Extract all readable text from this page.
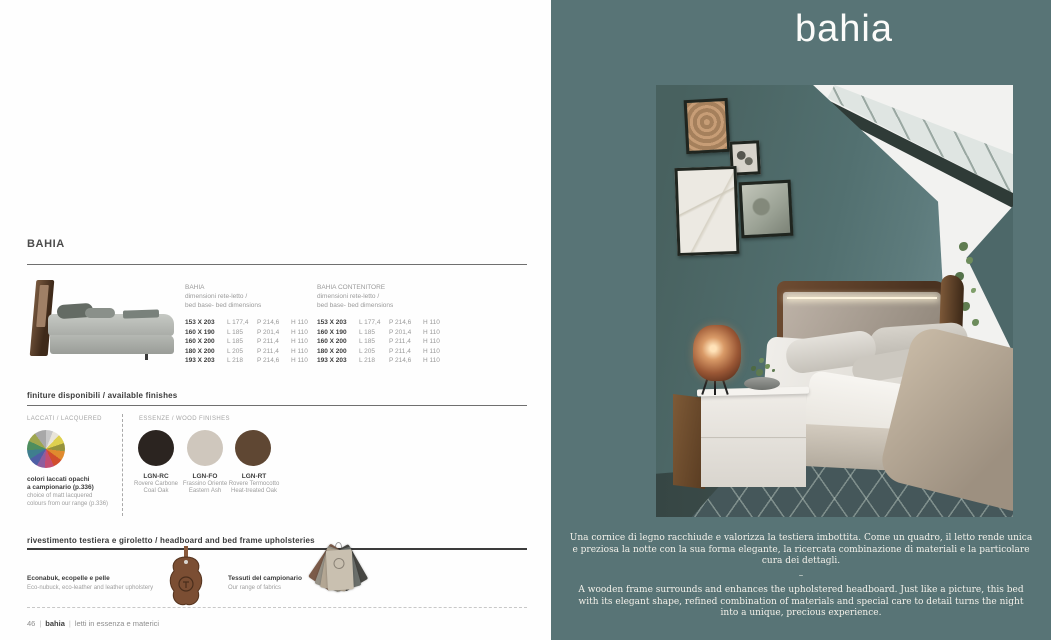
BAHIA
BAHIA
dimensioni rete-letto /
bed base- bed dimensions
153 X 203	L 177,4	P 214,6	H 110
160 X 190	L 185	P 201,4	H 110
160 X 200	L 185	P 211,4	H 110
180 X 200	L 205	P 211,4	H 110
193 X 203	L 218	P 214,6	H 110
BAHIA CONTENITORE
dimensioni rete-letto /
bed base- bed dimensions
153 X 203	L 177,4	P 214,6	H 110
160 X 190	L 185	P 201,4	H 110
160 X 200	L 185	P 211,4	H 110
180 X 200	L 205	P 211,4	H 110
193 X 203	L 218	P 214,6	H 110
finiture disponibili / available finishes
LACCATI / LACQUERED	ESSENZE / WOOD FINISHES
colori laccati opachi
a campionario (p.336)
choice of matt lacquered
colours from our range (p.336)
LGN-RC
Rovere Carbone
Coal Oak
LGN-FO
Frassino Oriente
Eastern Ash
LGN-RT
Rovere Termocotto
Heat-treated Oak
rivestimento testiera e giroletto / headboard and bed frame upholsteries
Econabuk, ecopelle e pelle
Eco-nubuck, eco-leather and leather upholstery
Tessuti del campionario
Our range of fabrics
46 | bahia | letti in essenza e materici
bahia

Una cornice di legno racchiude e valorizza la testiera imbottita. Come un quadro, il letto rende unica e preziosa la notte con la sua forma elegante, la ricercata combinazione di materiali e la particolare cura dei dettagli.

–

A wooden frame surrounds and enhances the upholstered headboard. Just like a picture, this bed with its elegant shape, refined combination of materials and special care to detail turns the night into a unique, precious experience.
